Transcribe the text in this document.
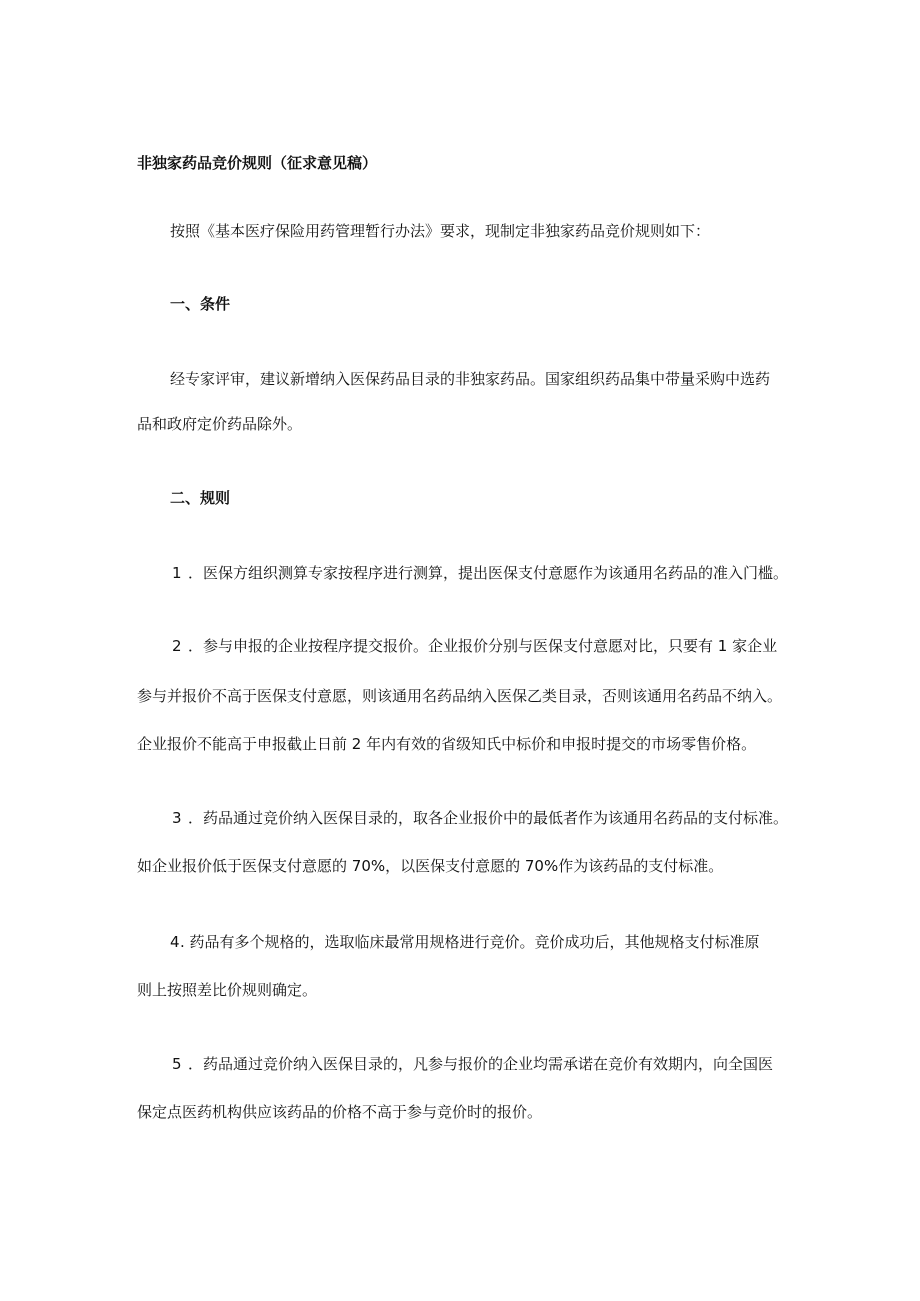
非独家药品竞价规则（征求意见稿）

按照《基本医疗保险用药管理暂行办法》要求，现制定非独家药品竞价规则如下：

一、条件

经专家评审，建议新增纳入医保药品目录的非独家药品。国家组织药品集中带量采购中选药

品和政府定价药品除外。

二、规则

1 ．医保方组织测算专家按程序进行测算，提出医保支付意愿作为该通用名药品的准入门槛。

2 ．参与申报的企业按程序提交报价。企业报价分别与医保支付意愿对比，只要有 1 家企业

参与并报价不高于医保支付意愿，则该通用名药品纳入医保乙类目录，否则该通用名药品不纳入。

企业报价不能高于申报截止日前 2 年内有效的省级知氏中标价和申报时提交的市场零售价格。

3 ．药品通过竞价纳入医保目录的，取各企业报价中的最低者作为该通用名药品的支付标准。

如企业报价低于医保支付意愿的 70%，以医保支付意愿的 70%作为该药品的支付标准。

4 . 药品有多个规格的，选取临床最常用规格进行竞价。竞价成功后，其他规格支付标准原

则上按照差比价规则确定。

5 ．药品通过竞价纳入医保目录的，凡参与报价的企业均需承诺在竞价有效期内，向全国医

保定点医药机构供应该药品的价格不高于参与竞价时的报价。
